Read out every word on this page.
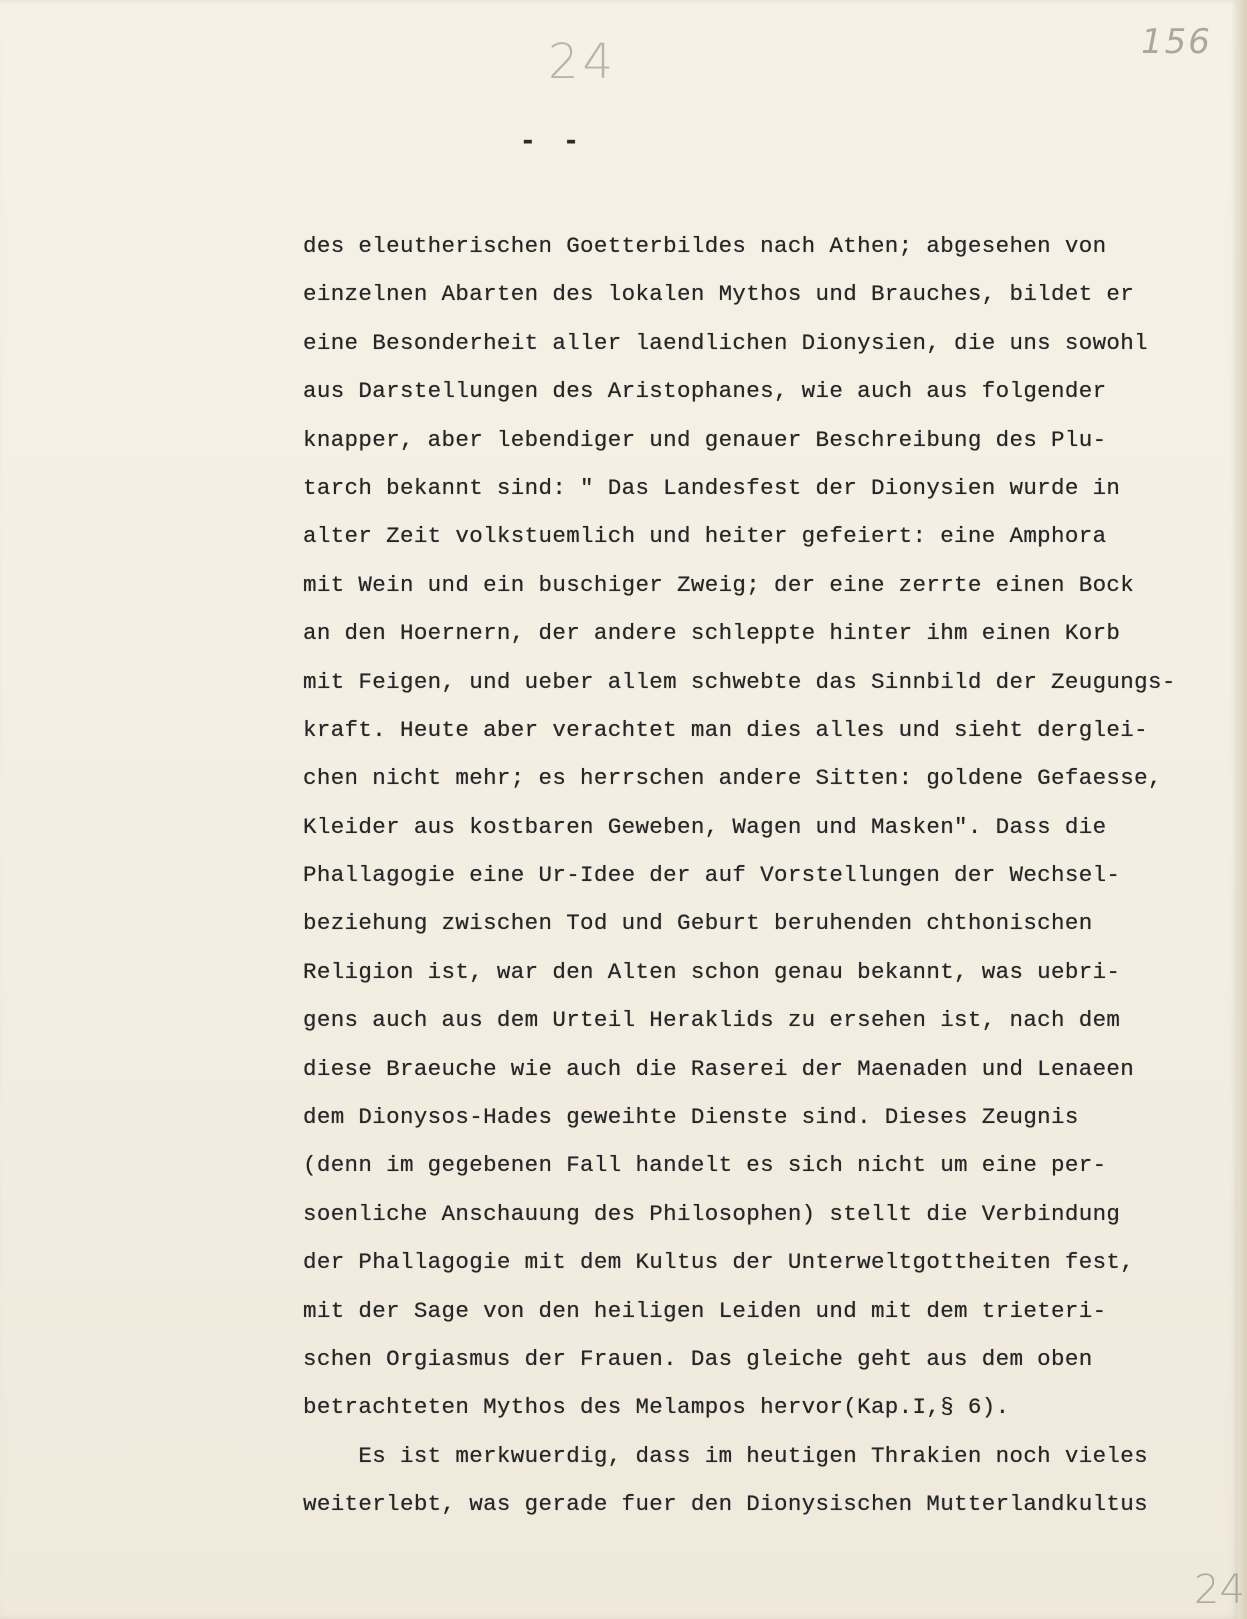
24	156
24
- -
des eleutherischen Goetterbildes nach Athen; abgesehen von
einzelnen Abarten des lokalen Mythos und Brauches, bildet er
eine Besonderheit aller laendlichen Dionysien, die uns sowohl
aus Darstellungen des Aristophanes, wie auch aus folgender
knapper, aber lebendiger und genauer Beschreibung des Plu-
tarch bekannt sind: " Das Landesfest der Dionysien wurde in
alter Zeit volkstuemlich und heiter gefeiert: eine Amphora
mit Wein und ein buschiger Zweig; der eine zerrte einen Bock
an den Hoernern, der andere schleppte hinter ihm einen Korb
mit Feigen, und ueber allem schwebte das Sinnbild der Zeugungs-
kraft. Heute aber verachtet man dies alles und sieht derglei-
chen nicht mehr; es herrschen andere Sitten: goldene Gefaesse,
Kleider aus kostbaren Geweben, Wagen und Masken". Dass die
Phallagogie eine Ur-Idee der auf Vorstellungen der Wechsel-
beziehung zwischen Tod und Geburt beruhenden chthonischen
Religion ist, war den Alten schon genau bekannt, was uebri-
gens auch aus dem Urteil Heraklids zu ersehen ist, nach dem
diese Braeuche wie auch die Raserei der Maenaden und Lenaeen
dem Dionysos-Hades geweihte Dienste sind. Dieses Zeugnis
(denn im gegebenen Fall handelt es sich nicht um eine per-
soenliche Anschauung des Philosophen) stellt die Verbindung
der Phallagogie mit dem Kultus der Unterweltgottheiten fest,
mit der Sage von den heiligen Leiden und mit dem trieteri-
schen Orgiasmus der Frauen. Das gleiche geht aus dem oben
betrachteten Mythos des Melampos hervor(Kap.I,§ 6).
Es ist merkwuerdig, dass im heutigen Thrakien noch vieles
weiterlebt, was gerade fuer den Dionysischen Mutterlandkultus
